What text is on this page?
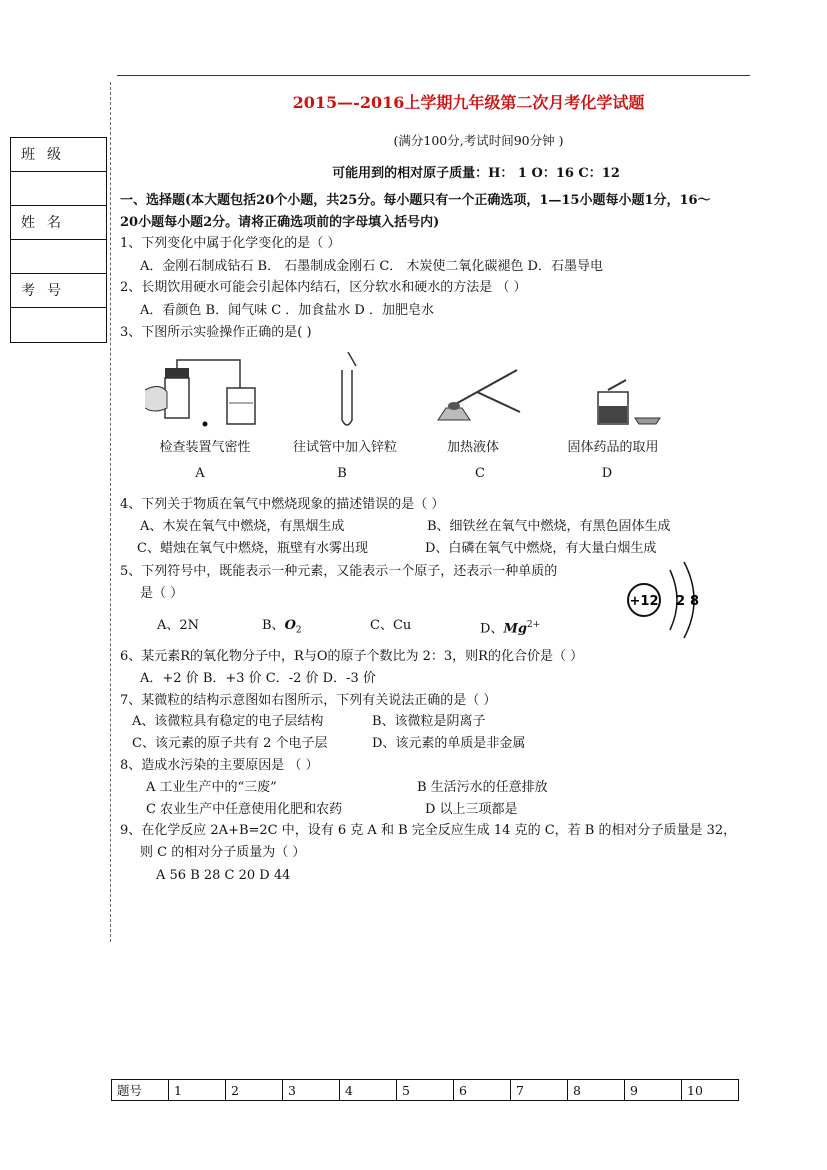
2015—-2016上学期九年级第二次月考化学试题
(满分100分,考试时间90分钟 )
可能用到的相对原子质量：H： 1 O：16 C：12
班级
姓名
考号
一、选择题(本大题包括20个小题，共25分。每小题只有一个正确选项，1—15小题每小题1分，16～
20小题每小题2分。请将正确选项前的字母填入括号内)
1、下列变化中属于化学变化的是（ ）
A．金刚石制成钻石 B． 石墨制成金刚石 C． 木炭使二氧化碳褪色 D．石墨导电
2、长期饮用硬水可能会引起体内结石，区分软水和硬水的方法是 （ ）
A．看颜色 B．闻气味 C ．加食盐水 D ．加肥皂水
3、下图所示实验操作正确的是( )
检查装置气密性
A
往试管中加入锌粒
B
加热液体
C
固体药品的取用
D
4、下列关于物质在氧气中燃烧现象的描述错误的是（ ）
A、木炭在氧气中燃烧，有黑烟生成	B、细铁丝在氧气中燃烧，有黑色固体生成
C、蜡烛在氧气中燃烧，瓶壁有水雾出现	D、白磷在氧气中燃烧，有大量白烟生成
5、下列符号中，既能表示一种元素，又能表示一个原子，还表示一种单质的
是（ ）
A、2N	B、$O_2$	C、Cu	D、$Mg^{2+}$
+12 2 8
6、某元素R的氧化物分子中，R与O的原子个数比为 2：3，则R的化合价是（ ）
A．+2 价 B．+3 价 C．-2 价 D．-3 价
7、某微粒的结构示意图如右图所示，下列有关说法正确的是（ ）
A、该微粒具有稳定的电子层结构	B、该微粒是阴离子
C、该元素的原子共有 2 个电子层	D、该元素的单质是非金属
8、造成水污染的主要原因是 （ ）
A 工业生产中的“三废”	B 生活污水的任意排放
C 农业生产中任意使用化肥和农药	D 以上三项都是
9、在化学反应 2A+B=2C 中，设有 6 克 A 和 B 完全反应生成 14 克的 C，若 B 的相对分子质量是 32，
则 C 的相对分子质量为（ ）
A 56 B 28 C 20 D 44
题号	1	2	3	4	5	6	7	8	9	10
